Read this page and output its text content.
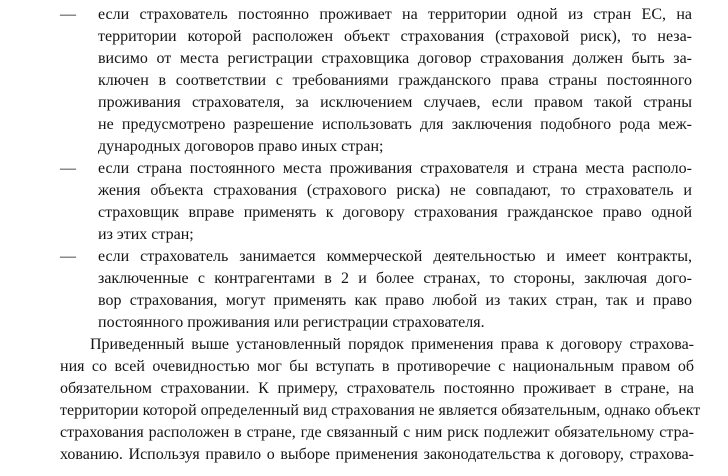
— если страхователь постоянно проживает на территории одной из стран ЕС, на
территории которой расположен объект страхования (страховой риск), то неза-
висимо от места регистрации страховщика договор страхования должен быть за-
ключен в соответствии с требованиями гражданского права страны постоянного
проживания страхователя, за исключением случаев, если правом такой страны
не предусмотрено разрешение использовать для заключения подобного рода меж-
дународных договоров право иных стран;
— если страна постоянного места проживания страхователя и страна места располо-
жения объекта страхования (страхового риска) не совпадают, то страхователь и
страховщик вправе применять к договору страхования гражданское право одной
из этих стран;
— если страхователь занимается коммерческой деятельностью и имеет контракты,
заключенные с контрагентами в 2 и более странах, то стороны, заключая дого-
вор страхования, могут применять как право любой из таких стран, так и право
постоянного проживания или регистрации страхователя.
Приведенный выше установленный порядок применения права к договору страхова-
ния со всей очевидностью мог бы вступать в противоречие с национальным правом об
обязательном страховании. К примеру, страхователь постоянно проживает в стране, на
территории которой определенный вид страхования не является обязательным, однако объект
страхования расположен в стране, где связанный с ним риск подлежит обязательному стра-
хованию. Используя правило о выборе применения законодательства к договору, страхова-
